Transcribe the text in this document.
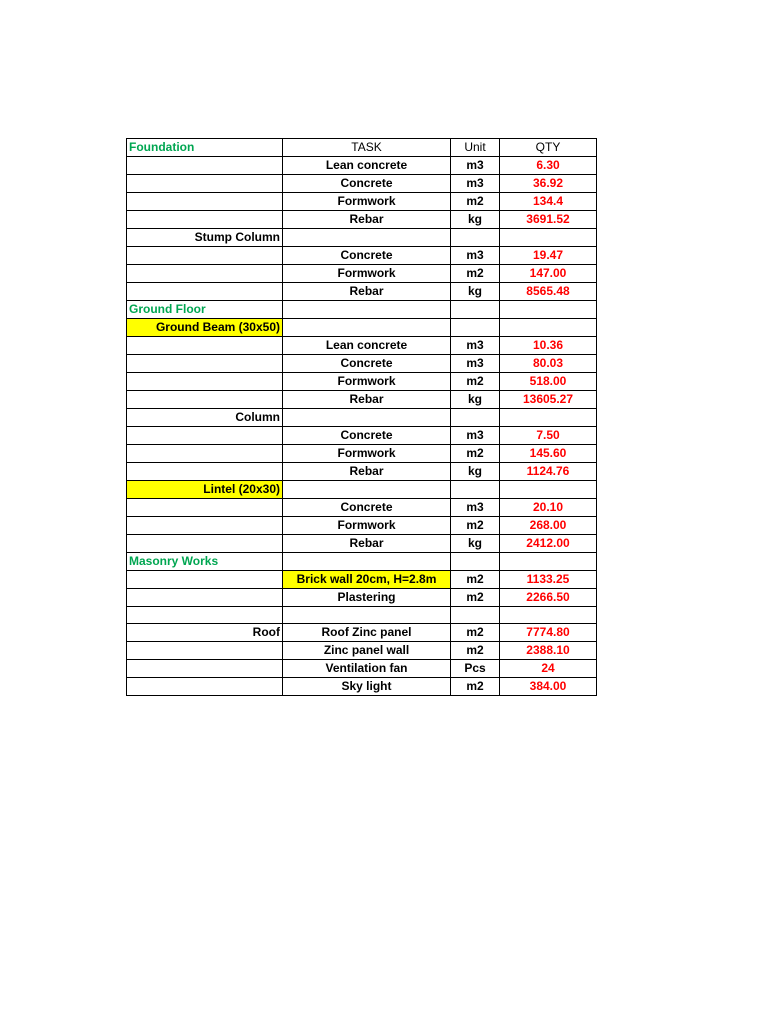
Foundation	TASK	Unit	QTY
	Lean concrete	m3	6.30
	Concrete	m3	36.92
	Formwork	m2	134.4
	Rebar	kg	3691.52
Stump Column			
	Concrete	m3	19.47
	Formwork	m2	147.00
	Rebar	kg	8565.48
Ground Floor			
Ground Beam (30x50)			
	Lean concrete	m3	10.36
	Concrete	m3	80.03
	Formwork	m2	518.00
	Rebar	kg	13605.27
Column			
	Concrete	m3	7.50
	Formwork	m2	145.60
	Rebar	kg	1124.76
Lintel (20x30)			
	Concrete	m3	20.10
	Formwork	m2	268.00
	Rebar	kg	2412.00
Masonry Works			
	Brick wall 20cm, H=2.8m	m2	1133.25
	Plastering	m2	2266.50

Roof	Roof Zinc panel	m2	7774.80
	Zinc panel wall	m2	2388.10
	Ventilation fan	Pcs	24
	Sky light	m2	384.00
